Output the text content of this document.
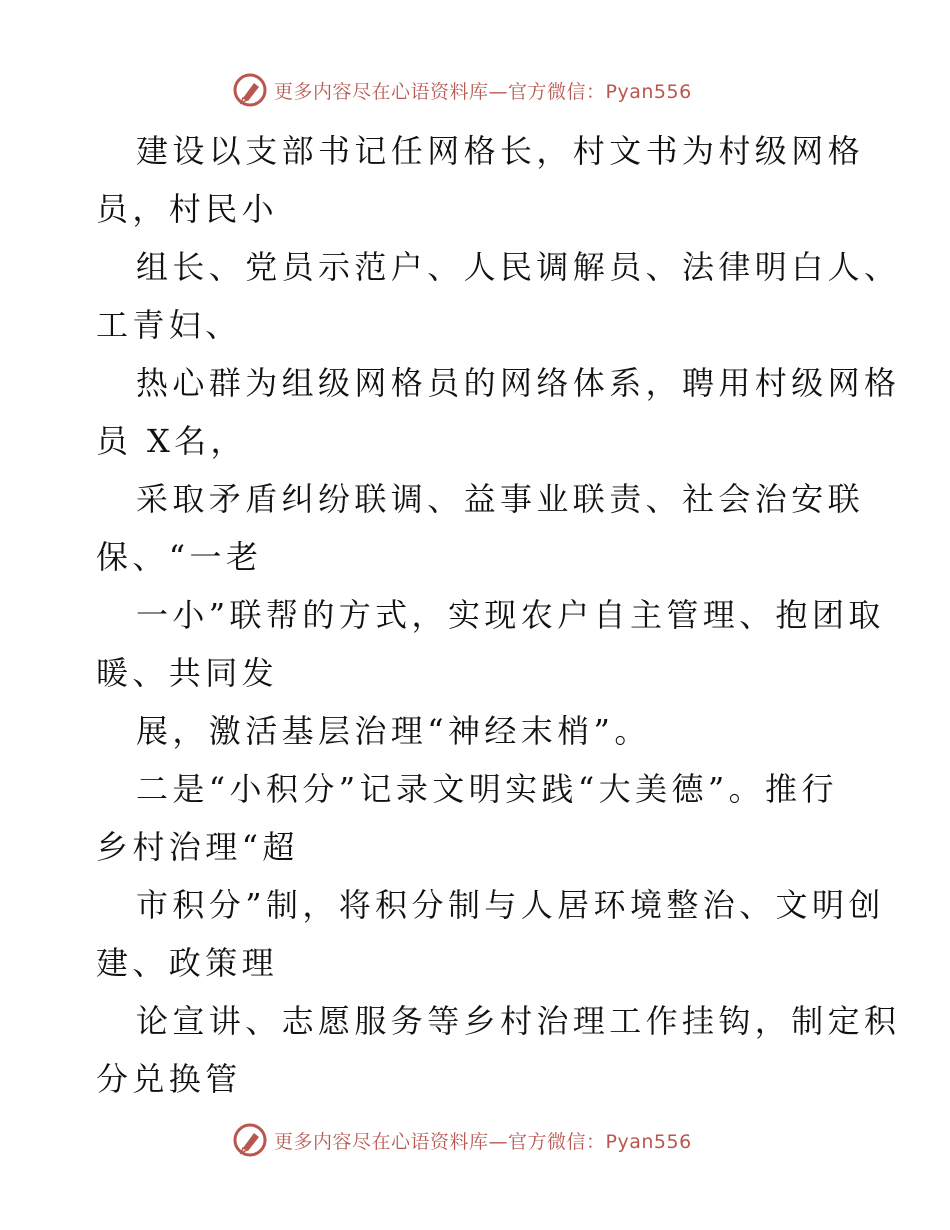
更多内容尽在心语资料库—官方微信：Pyan556
建设以支部书记任网格长，村文书为村级网格
员，村民小
组长、党员示范户、人民调解员、法律明白人、
工青妇、
热心群为组级网格员的网络体系，聘用村级网格
员 X名，
采取矛盾纠纷联调、益事业联责、社会治安联
保、“一老
一小”联帮的方式，实现农户自主管理、抱团取
暖、共同发
展，激活基层治理“神经末梢”。
二是“小积分”记录文明实践“大美德”。推行
乡村治理“超
市积分”制，将积分制与人居环境整治、文明创
建、政策理
论宣讲、志愿服务等乡村治理工作挂钩，制定积
分兑换管
更多内容尽在心语资料库—官方微信：Pyan556
